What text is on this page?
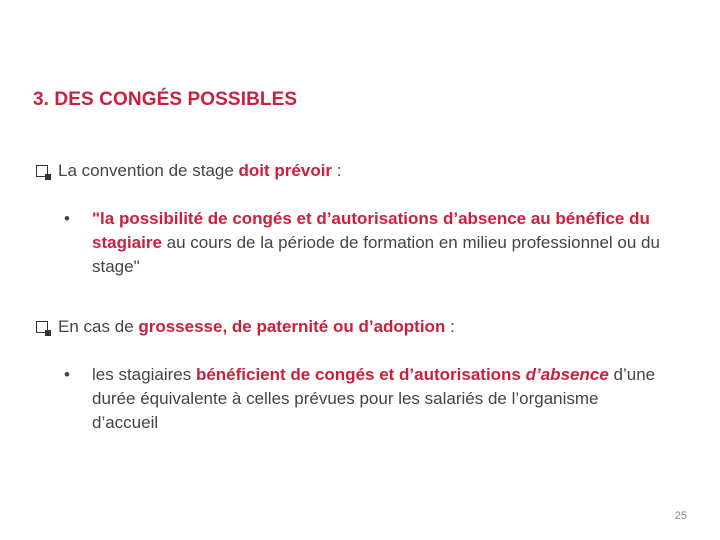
3. DES CONGÉS POSSIBLES
La convention de stage doit prévoir :
•	"la possibilité de congés et d’autorisations d’absence au bénéfice du stagiaire au cours de la période de formation en milieu professionnel ou du stage"
En cas de grossesse, de paternité ou d’adoption :
•	les stagiaires bénéficient de congés et d’autorisations d’absence d’une durée équivalente à celles prévues pour les salariés de l’organisme d’accueil
25
